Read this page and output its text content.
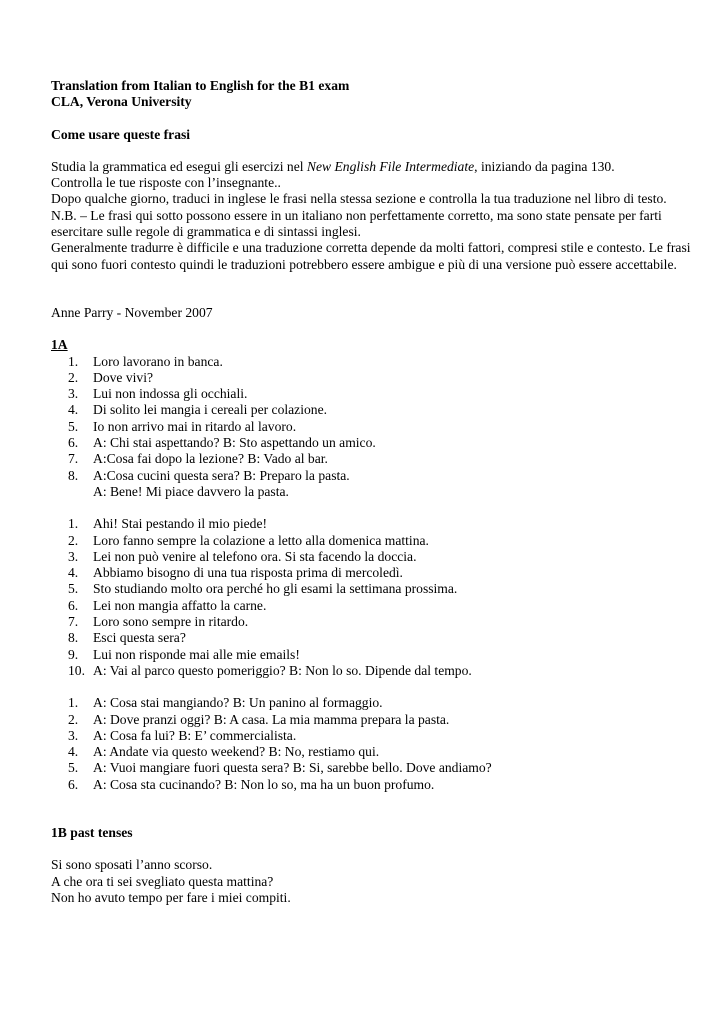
Translation from Italian to English for the B1 exam
CLA, Verona University
Come usare queste frasi
Studia la grammatica ed esegui gli esercizi nel New English File Intermediate, iniziando da pagina 130.
Controlla le tue risposte con l’insegnante..
Dopo qualche giorno, traduci in inglese le frasi nella stessa sezione e controlla la tua traduzione nel libro di testo.
N.B. – Le frasi qui sotto possono essere in un italiano non perfettamente corretto, ma sono state pensate per farti esercitare sulle regole di grammatica e di sintassi inglesi.
Generalmente tradurre è difficile e una traduzione corretta depende da molti fattori, compresi stile e contesto. Le frasi qui sono fuori contesto quindi le traduzioni potrebbero essere ambigue e più di una versione può essere accettabile.
Anne Parry - November 2007
1A
1.	Loro lavorano in banca.
2.	Dove vivi?
3.	Lui non indossa gli occhiali.
4.	Di solito lei mangia i cereali per colazione.
5.	Io non arrivo mai in ritardo al lavoro.
6.	A: Chi stai aspettando? B: Sto aspettando un amico.
7.	A:Cosa fai dopo la lezione? B: Vado al bar.
8.	A:Cosa cucini questa sera? B: Preparo la pasta.
A: Bene! Mi piace davvero la pasta.
1.	Ahi! Stai pestando il mio piede!
2.	Loro fanno sempre la colazione a letto alla domenica mattina.
3.	Lei non può venire al telefono ora. Si sta facendo la doccia.
4.	Abbiamo bisogno di una tua risposta prima di mercoledì.
5.	Sto studiando molto ora perché ho gli esami la settimana prossima.
6.	Lei non mangia affatto la carne.
7.	Loro sono sempre in ritardo.
8.	Esci questa sera?
9.	Lui non risponde mai alle mie emails!
10. A: Vai al parco questo pomeriggio? B: Non lo so. Dipende dal tempo.
1.	A: Cosa stai mangiando? B: Un panino al formaggio.
2.	A: Dove pranzi oggi? B: A casa. La mia mamma prepara la pasta.
3.	A: Cosa fa lui? B: E’ commercialista.
4.	A: Andate via questo weekend? B: No, restiamo qui.
5.	A: Vuoi mangiare fuori questa sera? B: Si, sarebbe bello. Dove andiamo?
6.	A: Cosa sta cucinando? B: Non lo so, ma ha un buon profumo.
1B past tenses
Si sono sposati l’anno scorso.
A che ora ti sei svegliato questa mattina?
Non ho avuto tempo per fare i miei compiti.
